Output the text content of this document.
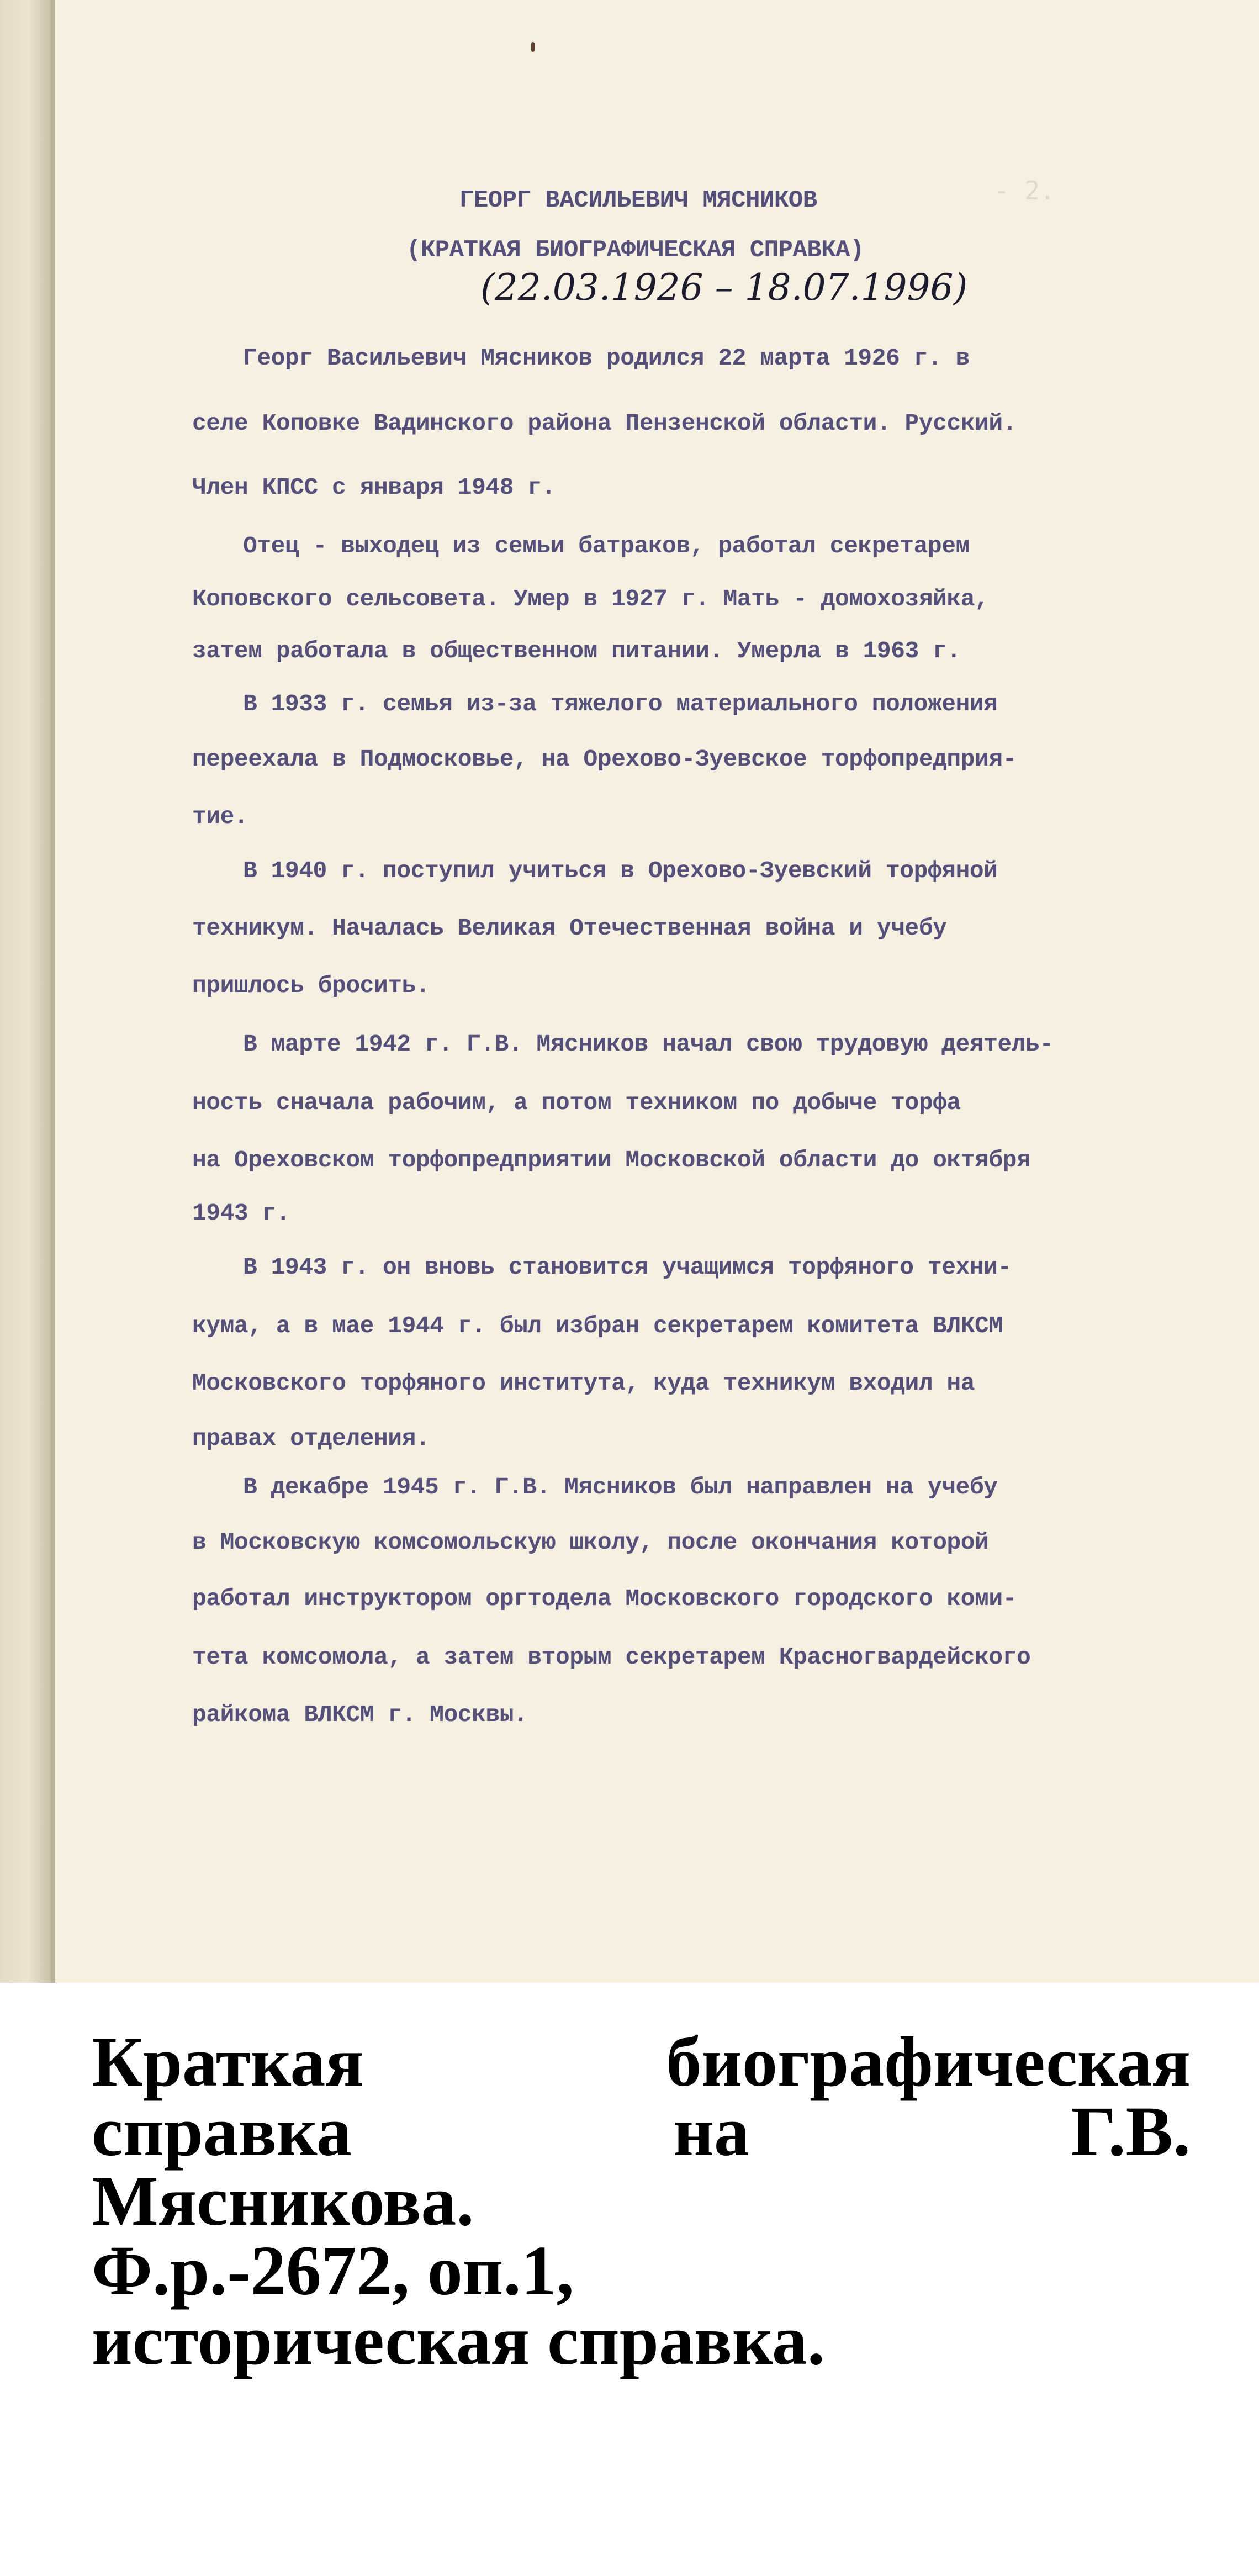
- 2.
ГЕОРГ ВАСИЛЬЕВИЧ МЯСНИКОВ
(КРАТКАЯ БИОГРАФИЧЕСКАЯ СПРАВКА)
(22.03.1926 – 18.07.1996)
Георг Васильевич Мясников родился 22 марта 1926 г. в
селе Коповке Вадинского района Пензенской области. Русский.
Член КПСС с января 1948 г.
Отец - выходец из семьи батраков, работал секретарем
Коповского сельсовета. Умер в 1927 г. Мать - домохозяйка,
затем работала в общественном питании. Умерла в 1963 г.
В 1933 г. семья из-за тяжелого материального положения
переехала в Подмосковье, на Орехово-Зуевское торфопредприя-
тие.
В 1940 г. поступил учиться в Орехово-Зуевский торфяной
техникум. Началась Великая Отечественная война и учебу
пришлось бросить.
В марте 1942 г. Г.В. Мясников начал свою трудовую деятель-
ность сначала рабочим, а потом техником по добыче торфа
на Ореховском торфопредприятии Московской области до октября
1943 г.
В 1943 г. он вновь становится учащимся торфяного техни-
кума, а в мае 1944 г. был избран секретарем комитета ВЛКСМ
Московского торфяного института, куда техникум входил на
правах отделения.
В декабре 1945 г. Г.В. Мясников был направлен на учебу
в Московскую комсомольскую школу, после окончания которой
работал инструктором оргтодела Московского городского коми-
тета комсомола, а затем вторым секретарем Красногвардейского
райкома ВЛКСМ г. Москвы.
Краткая	биографическая
справка	на	Г.В.
Мясникова.
Ф.р.-2672, оп.1,
историческая справка.
